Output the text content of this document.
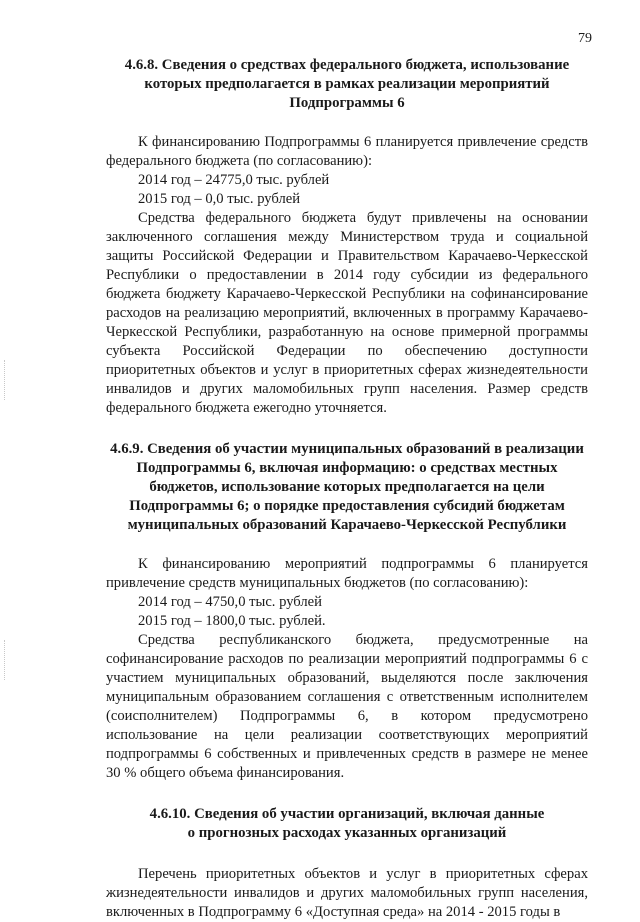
79

4.6.8. Сведения о средствах федерального бюджета, использование
которых предполагается в рамках реализации мероприятий
Подпрограммы 6

К финансированию Подпрограммы 6 планируется привлечение средств федерального бюджета (по согласованию):

2014 год – 24775,0 тыс. рублей

2015 год – 0,0 тыс. рублей

Средства федерального бюджета будут привлечены на основании заключенного соглашения между Министерством труда и социальной защиты Российской Федерации и Правительством Карачаево-Черкесской Республики о предоставлении в 2014 году субсидии из федерального бюджета бюджету Карачаево-Черкесской Республики на софинансирование расходов на реализацию мероприятий, включенных в программу Карачаево-Черкесской Республики, разработанную на основе примерной программы субъекта Российской Федерации по обеспечению доступности приоритетных объектов и услуг в приоритетных сферах жизнедеятельности инвалидов и других маломобильных групп населения. Размер средств федерального бюджета ежегодно уточняется.

4.6.9. Сведения об участии муниципальных образований в реализации
Подпрограммы 6, включая информацию: о средствах местных
бюджетов, использование которых предполагается на цели
Подпрограммы 6; о порядке предоставления субсидий бюджетам
муниципальных образований Карачаево-Черкесской Республики

К финансированию мероприятий подпрограммы 6 планируется привлечение средств муниципальных бюджетов (по согласованию):

2014 год – 4750,0 тыс. рублей

2015 год – 1800,0 тыс. рублей.

Средства республиканского бюджета, предусмотренные на софинансирование расходов по реализации мероприятий подпрограммы 6 с участием муниципальных образований, выделяются после заключения муниципальным образованием соглашения с ответственным исполнителем (соисполнителем) Подпрограммы 6, в котором предусмотрено использование на цели реализации соответствующих мероприятий подпрограммы 6 собственных и привлеченных средств в размере не менее 30 % общего объема финансирования.

4.6.10. Сведения об участии организаций, включая данные
о прогнозных расходах указанных организаций

Перечень приоритетных объектов и услуг в приоритетных сферах жизнедеятельности инвалидов и других маломобильных групп населения, включенных в Подпрограмму 6 «Доступная среда» на 2014 - 2015 годы в
